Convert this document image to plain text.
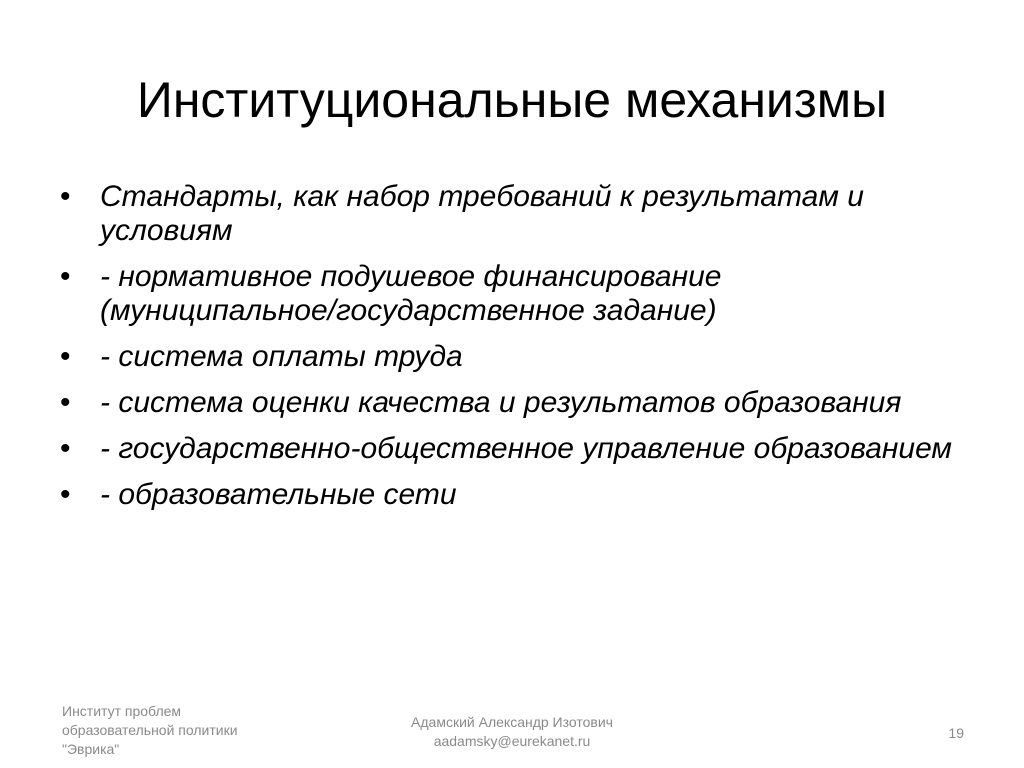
Институциональные механизмы
• Стандарты, как набор требований к результатам и условиям
• - нормативное подушевое финансирование (муниципальное/государственное задание)
• - система оплаты труда
• - система оценки качества и результатов образования
• - государственно-общественное управление образованием
• - образовательные сети
Институт проблем
образовательной политики
"Эврика"
Адамский Александр Изотович
aadamsky@eurekanet.ru	19
